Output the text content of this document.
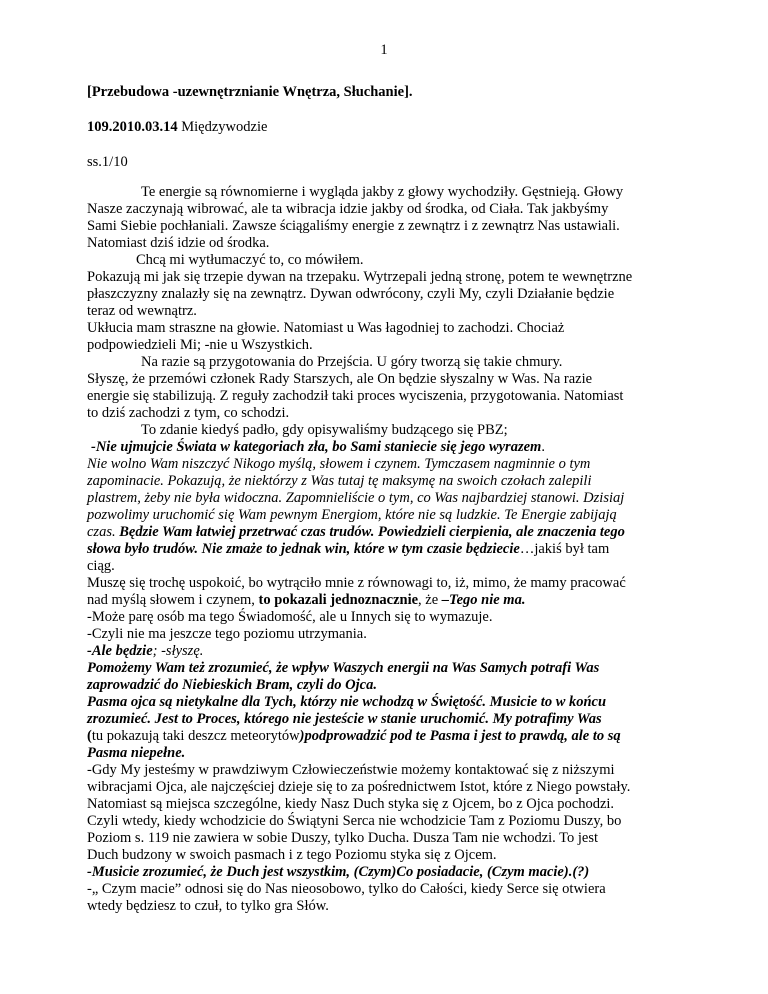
1
[Przebudowa -uzewnętrznianie Wnętrza, Słuchanie].
109.2010.03.14 Międzywodzie
ss.1/10
Te energie są równomierne i wygląda jakby z głowy wychodziły. Gęstnieją. Głowy
Nasze zaczynają wibrować, ale ta wibracja idzie jakby od środka, od Ciała. Tak jakbyśmy
Sami Siebie pochłaniali. Zawsze ściągaliśmy energie z zewnątrz i z zewnątrz Nas ustawiali.
Natomiast dziś idzie od środka.
Chcą mi wytłumaczyć to, co mówiłem.
Pokazują mi jak się trzepie dywan na trzepaku. Wytrzepali jedną stronę, potem te wewnętrzne
płaszczyzny znalazły się na zewnątrz. Dywan odwrócony, czyli My, czyli Działanie będzie
teraz od wewnątrz.
Ukłucia mam straszne na głowie. Natomiast u Was łagodniej to zachodzi. Chociaż
podpowiedzieli Mi; -nie u Wszystkich.
Na razie są przygotowania do Przejścia. U góry tworzą się takie chmury.
Słyszę, że przemówi członek Rady Starszych, ale On będzie słyszalny w Was. Na razie
energie się stabilizują. Z reguły zachodził taki proces wyciszenia, przygotowania. Natomiast
to dziś zachodzi z tym, co schodzi.
To zdanie kiedyś padło, gdy opisywaliśmy budzącego się PBZ;
-Nie ujmujcie Świata w kategoriach zła, bo Sami staniecie się jego wyrazem.
Nie wolno Wam niszczyć Nikogo myślą, słowem i czynem. Tymczasem nagminnie o tym
zapominacie. Pokazują, że niektórzy z Was tutaj tę maksymę na swoich czołach zalepili
plastrem, żeby nie była widoczna. Zapomnieliście o tym, co Was najbardziej stanowi. Dzisiaj
pozwolimy uruchomić się Wam pewnym Energiom, które nie są ludzkie. Te Energie zabijają
czas. Będzie Wam łatwiej przetrwać czas trudów. Powiedzieli cierpienia, ale znaczenia tego
słowa było trudów. Nie zmaże to jednak win, które w tym czasie będziecie…jakiś był tam
ciąg.
Muszę się trochę uspokoić, bo wytrąciło mnie z równowagi to, iż, mimo, że mamy pracować
nad myślą słowem i czynem, to pokazali jednoznacznie, że –Tego nie ma.
-Może parę osób ma tego Świadomość, ale u Innych się to wymazuje.
-Czyli nie ma jeszcze tego poziomu utrzymania.
-Ale będzie; -słyszę.
Pomożemy Wam też zrozumieć, że wpływ Waszych energii na Was Samych potrafi Was
zaprowadzić do Niebieskich Bram, czyli do Ojca.
Pasma ojca są nietykalne dla Tych, którzy nie wchodzą w Świętość. Musicie to w końcu
zrozumieć. Jest to Proces, którego nie jesteście w stanie uruchomić. My potrafimy Was
(tu pokazują taki deszcz meteorytów)podprowadzić pod te Pasma i jest to prawdą, ale to są
Pasma niepełne.
-Gdy My jesteśmy w prawdziwym Człowieczeństwie możemy kontaktować się z niższymi
wibracjami Ojca, ale najczęściej dzieje się to za pośrednictwem Istot, które z Niego powstały.
Natomiast są miejsca szczególne, kiedy Nasz Duch styka się z Ojcem, bo z Ojca pochodzi.
Czyli wtedy, kiedy wchodzicie do Świątyni Serca nie wchodzicie Tam z Poziomu Duszy, bo
Poziom s. 119 nie zawiera w sobie Duszy, tylko Ducha. Dusza Tam nie wchodzi. To jest
Duch budzony w swoich pasmach i z tego Poziomu styka się z Ojcem.
-Musicie zrozumieć, że Duch jest wszystkim, (Czym)Co posiadacie, (Czym macie).(?)
-„ Czym macie” odnosi się do Nas nieosobowo, tylko do Całości, kiedy Serce się otwiera
wtedy będziesz to czuł, to tylko gra Słów.
